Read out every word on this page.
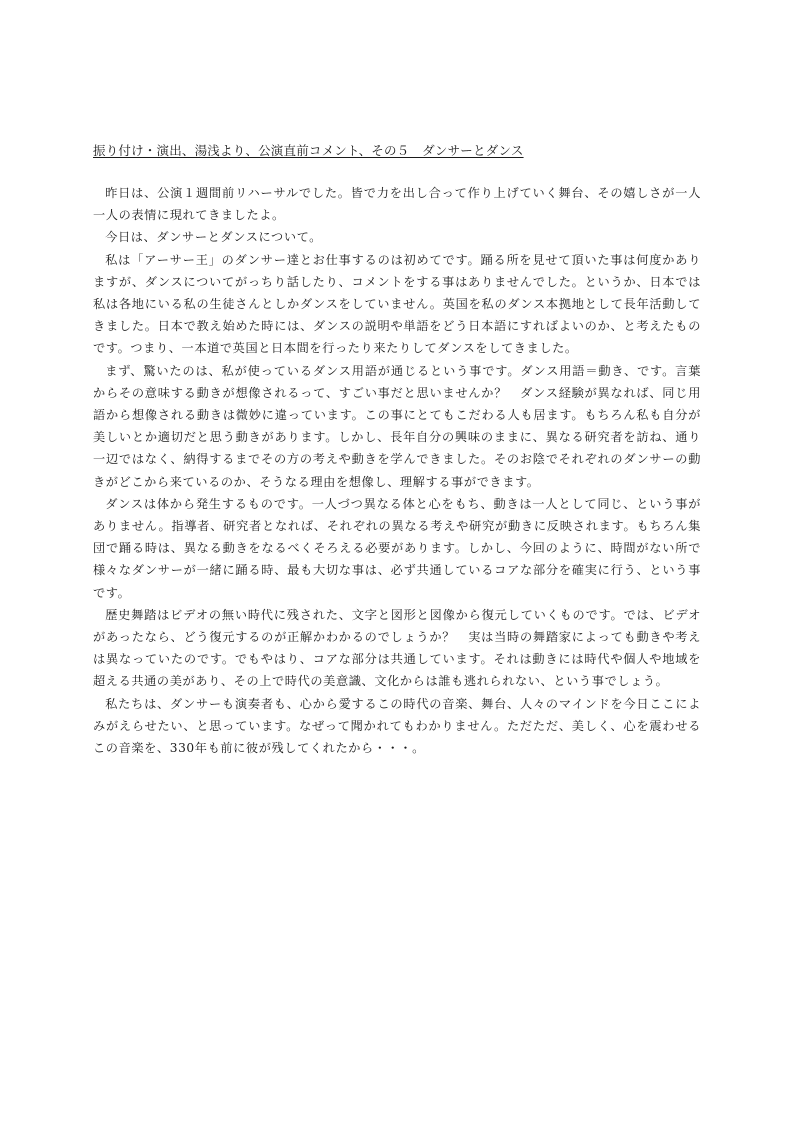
振り付け・演出、湯浅より、公演直前コメント、その５　ダンサーとダンス

昨日は、公演１週間前リハーサルでした。皆で力を出し合って作り上げていく舞台、その嬉しさが一人一人の表情に現れてきましたよ。

今日は、ダンサーとダンスについて。

私は「アーサー王」のダンサー達とお仕事するのは初めてです。踊る所を見せて頂いた事は何度かありますが、ダンスについてがっちり話したり、コメントをする事はありませんでした。というか、日本では私は各地にいる私の生徒さんとしかダンスをしていません。英国を私のダンス本拠地として長年活動してきました。日本で教え始めた時には、ダンスの説明や単語をどう日本語にすればよいのか、と考えたものです。つまり、一本道で英国と日本間を行ったり来たりしてダンスをしてきました。

まず、驚いたのは、私が使っているダンス用語が通じるという事です。ダンス用語＝動き、です。言葉からその意味する動きが想像されるって、すごい事だと思いませんか？　ダンス経験が異なれば、同じ用語から想像される動きは微妙に違っています。この事にとてもこだわる人も居ます。もちろん私も自分が美しいとか適切だと思う動きがあります。しかし、長年自分の興味のままに、異なる研究者を訪ね、通り一辺ではなく、納得するまでその方の考えや動きを学んできました。そのお陰でそれぞれのダンサーの動きがどこから来ているのか、そうなる理由を想像し、理解する事ができます。

ダンスは体から発生するものです。一人づつ異なる体と心をもち、動きは一人として同じ、という事がありません。指導者、研究者となれば、それぞれの異なる考えや研究が動きに反映されます。もちろん集団で踊る時は、異なる動きをなるべくそろえる必要があります。しかし、今回のように、時間がない所で様々なダンサーが一緒に踊る時、最も大切な事は、必ず共通しているコアな部分を確実に行う、という事です。

歴史舞踏はビデオの無い時代に残された、文字と図形と図像から復元していくものです。では、ビデオがあったなら、どう復元するのが正解かわかるのでしょうか？　実は当時の舞踏家によっても動きや考えは異なっていたのです。でもやはり、コアな部分は共通しています。それは動きには時代や個人や地域を超える共通の美があり、その上で時代の美意識、文化からは誰も逃れられない、という事でしょう。

私たちは、ダンサーも演奏者も、心から愛するこの時代の音楽、舞台、人々のマインドを今日ここによみがえらせたい、と思っています。なぜって聞かれてもわかりません。ただただ、美しく、心を震わせるこの音楽を、330年も前に彼が残してくれたから・・・。
